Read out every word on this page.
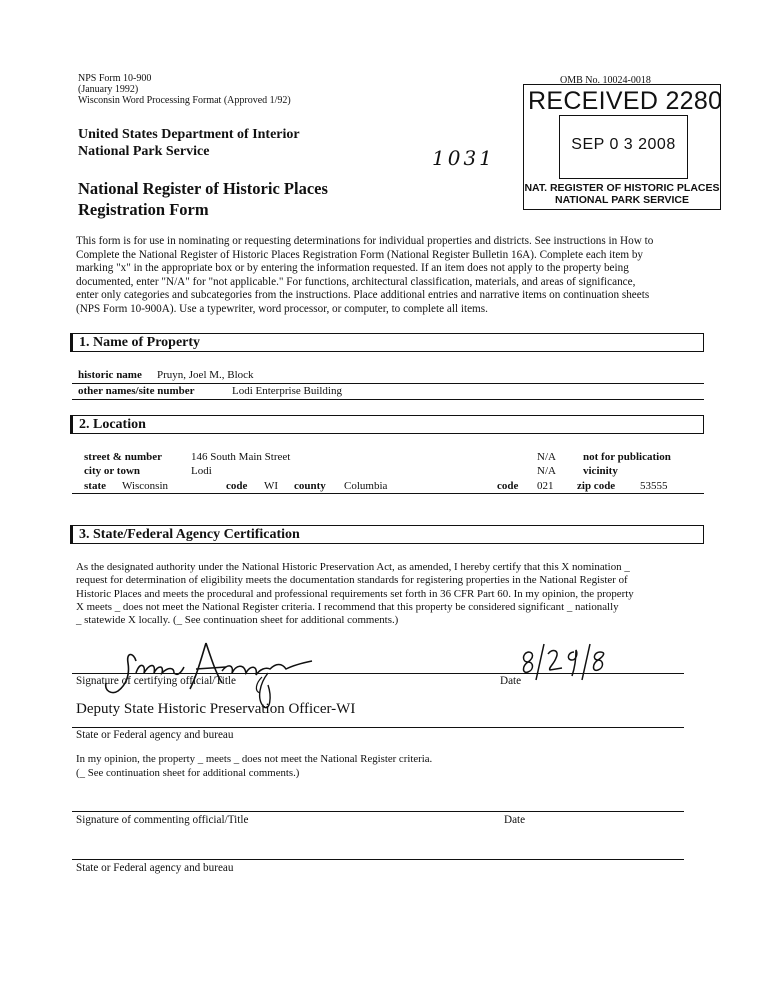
NPS Form 10-900
(January 1992)
Wisconsin Word Processing Format (Approved 1/92)
OMB No. 10024-0018
United States Department of Interior
National Park Service	1031
National Register of Historic Places
Registration Form
RECEIVED 2280
SEP 0 3 2008
NAT. REGISTER OF HISTORIC PLACES
NATIONAL PARK SERVICE
This form is for use in nominating or requesting determinations for individual properties and districts. See instructions in How to
Complete the National Register of Historic Places Registration Form (National Register Bulletin 16A). Complete each item by
marking "x" in the appropriate box or by entering the information requested. If an item does not apply to the property being
documented, enter "N/A" for "not applicable." For functions, architectural classification, materials, and areas of significance,
enter only categories and subcategories from the instructions. Place additional entries and narrative items on continuation sheets
(NPS Form 10-900A). Use a typewriter, word processor, or computer, to complete all items.
1. Name of Property
historic name Pruyn, Joel M., Block
other names/site number	Lodi Enterprise Building
2. Location
street & number	146 South Main Street	N/A not for publication
city or town	Lodi	N/A vicinity
state Wisconsin	code WI county Columbia	code 021 zip code 53555
3. State/Federal Agency Certification
As the designated authority under the National Historic Preservation Act, as amended, I hereby certify that this X nomination _
request for determination of eligibility meets the documentation standards for registering properties in the National Register of
Historic Places and meets the procedural and professional requirements set forth in 36 CFR Part 60. In my opinion, the property
X meets _ does not meet the National Register criteria. I recommend that this property be considered significant _ nationally
_ statewide X locally. (_ See continuation sheet for additional comments.)
Signature of certifying official/Title	Date
Deputy State Historic Preservation Officer-WI
State or Federal agency and bureau
In my opinion, the property _ meets _ does not meet the National Register criteria.
(_ See continuation sheet for additional comments.)
Signature of commenting official/Title	Date
State or Federal agency and bureau
